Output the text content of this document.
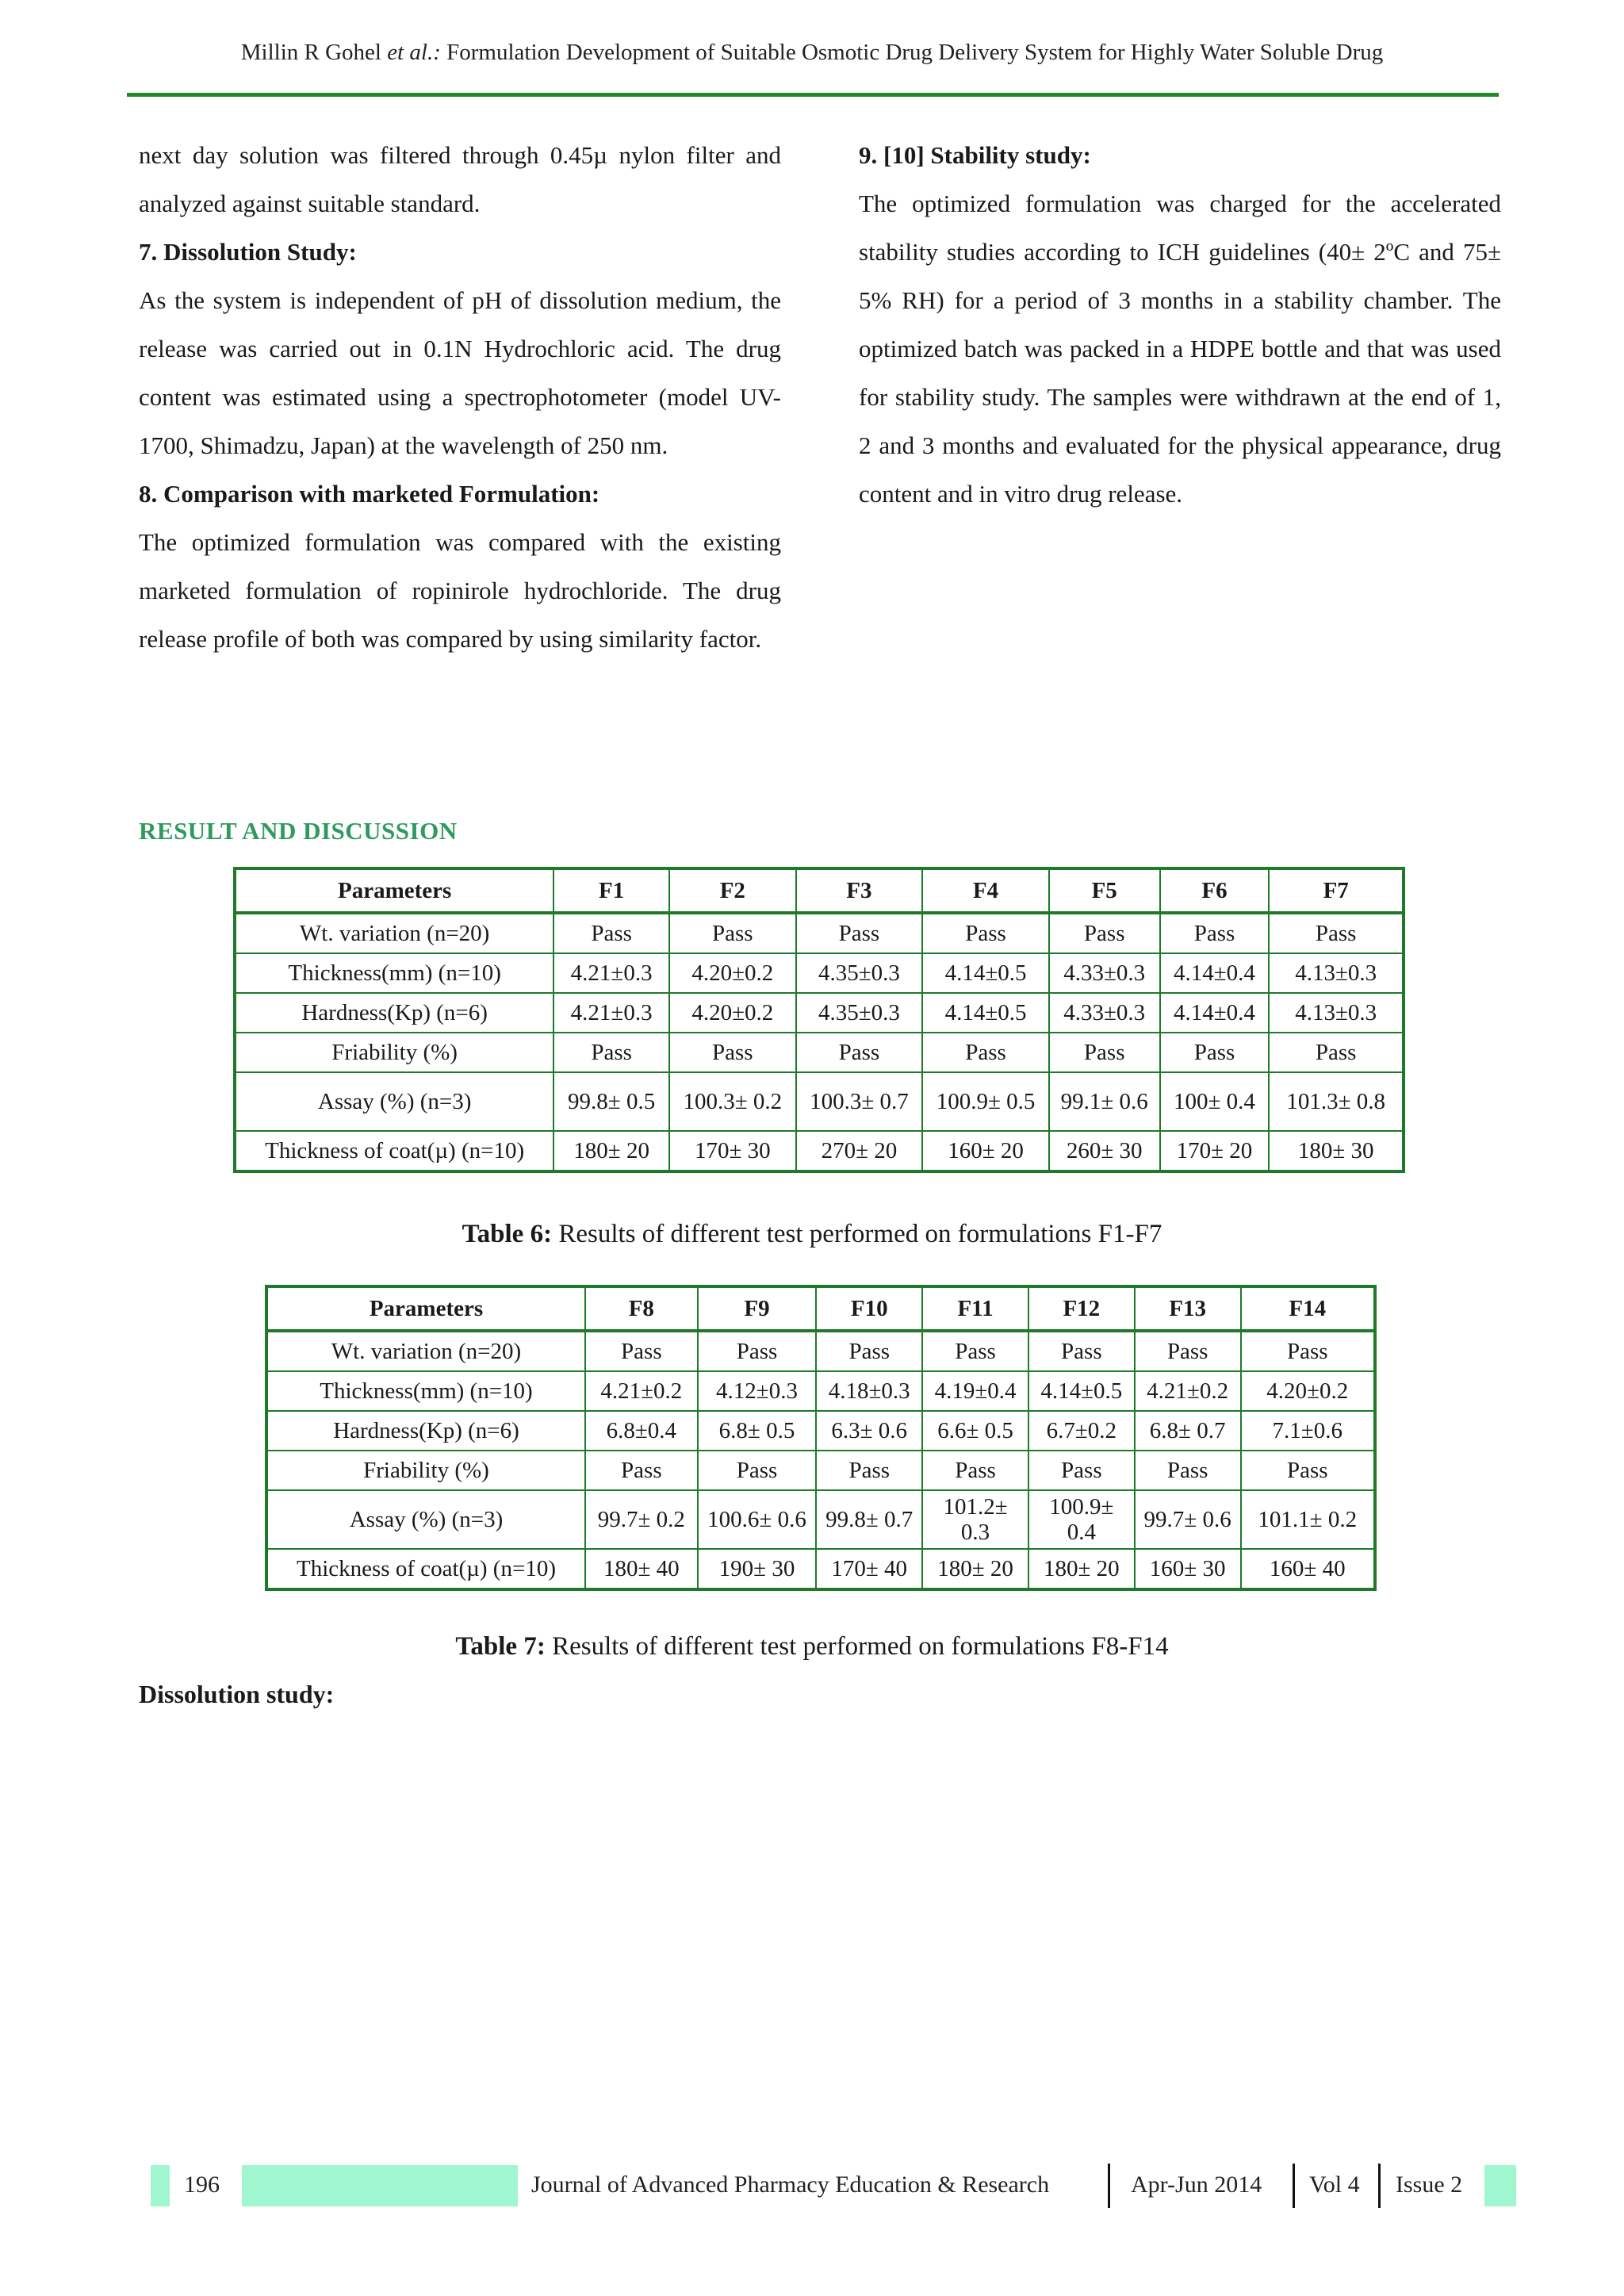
Millin R Gohel et al.: Formulation Development of Suitable Osmotic Drug Delivery System for Highly Water Soluble Drug

next day solution was filtered through 0.45µ nylon filter and analyzed against suitable standard.

7. Dissolution Study:

As the system is independent of pH of dissolution medium, the release was carried out in 0.1N Hydrochloric acid. The drug content was estimated using a spectrophotometer (model UV-1700, Shimadzu, Japan) at the wavelength of 250 nm.

8. Comparison with marketed Formulation:

The optimized formulation was compared with the existing marketed formulation of ropinirole hydrochloride. The drug release profile of both was compared by using similarity factor.

9. [10] Stability study:

The optimized formulation was charged for the accelerated stability studies according to ICH guidelines (40± 2ºC and 75± 5% RH) for a period of 3 months in a stability chamber. The optimized batch was packed in a HDPE bottle and that was used for stability study. The samples were withdrawn at the end of 1, 2 and 3 months and evaluated for the physical appearance, drug content and in vitro drug release.

RESULT AND DISCUSSION
Parameters	F1	F2	F3	F4	F5	F6	F7
Wt. variation (n=20)	Pass	Pass	Pass	Pass	Pass	Pass	Pass
Thickness(mm) (n=10)	4.21±0.3	4.20±0.2	4.35±0.3	4.14±0.5	4.33±0.3	4.14±0.4	4.13±0.3
Hardness(Kp) (n=6)	4.21±0.3	4.20±0.2	4.35±0.3	4.14±0.5	4.33±0.3	4.14±0.4	4.13±0.3
Friability (%)	Pass	Pass	Pass	Pass	Pass	Pass	Pass
Assay (%) (n=3)	99.8± 0.5	100.3± 0.2	100.3± 0.7	100.9± 0.5	99.1± 0.6	100± 0.4	101.3± 0.8
Thickness of coat(µ) (n=10)	180± 20	170± 30	270± 20	160± 20	260± 30	170± 20	180± 30
Table 6: Results of different test performed on formulations F1-F7
Parameters	F8	F9	F10	F11	F12	F13	F14
Wt. variation (n=20)	Pass	Pass	Pass	Pass	Pass	Pass	Pass
Thickness(mm) (n=10)	4.21±0.2	4.12±0.3	4.18±0.3	4.19±0.4	4.14±0.5	4.21±0.2	4.20±0.2
Hardness(Kp) (n=6)	6.8±0.4	6.8± 0.5	6.3± 0.6	6.6± 0.5	6.7±0.2	6.8± 0.7	7.1±0.6
Friability (%)	Pass	Pass	Pass	Pass	Pass	Pass	Pass
Assay (%) (n=3)	99.7± 0.2	100.6± 0.6	99.8± 0.7	101.2± 0.3	100.9± 0.4	99.7± 0.6	101.1± 0.2
Thickness of coat(µ) (n=10)	180± 40	190± 30	170± 40	180± 20	180± 20	160± 30	160± 40
Table 7: Results of different test performed on formulations F8-F14
Dissolution study:
196	Journal of Advanced Pharmacy Education & Research	Apr-Jun 2014 Vol 4 Issue 2
